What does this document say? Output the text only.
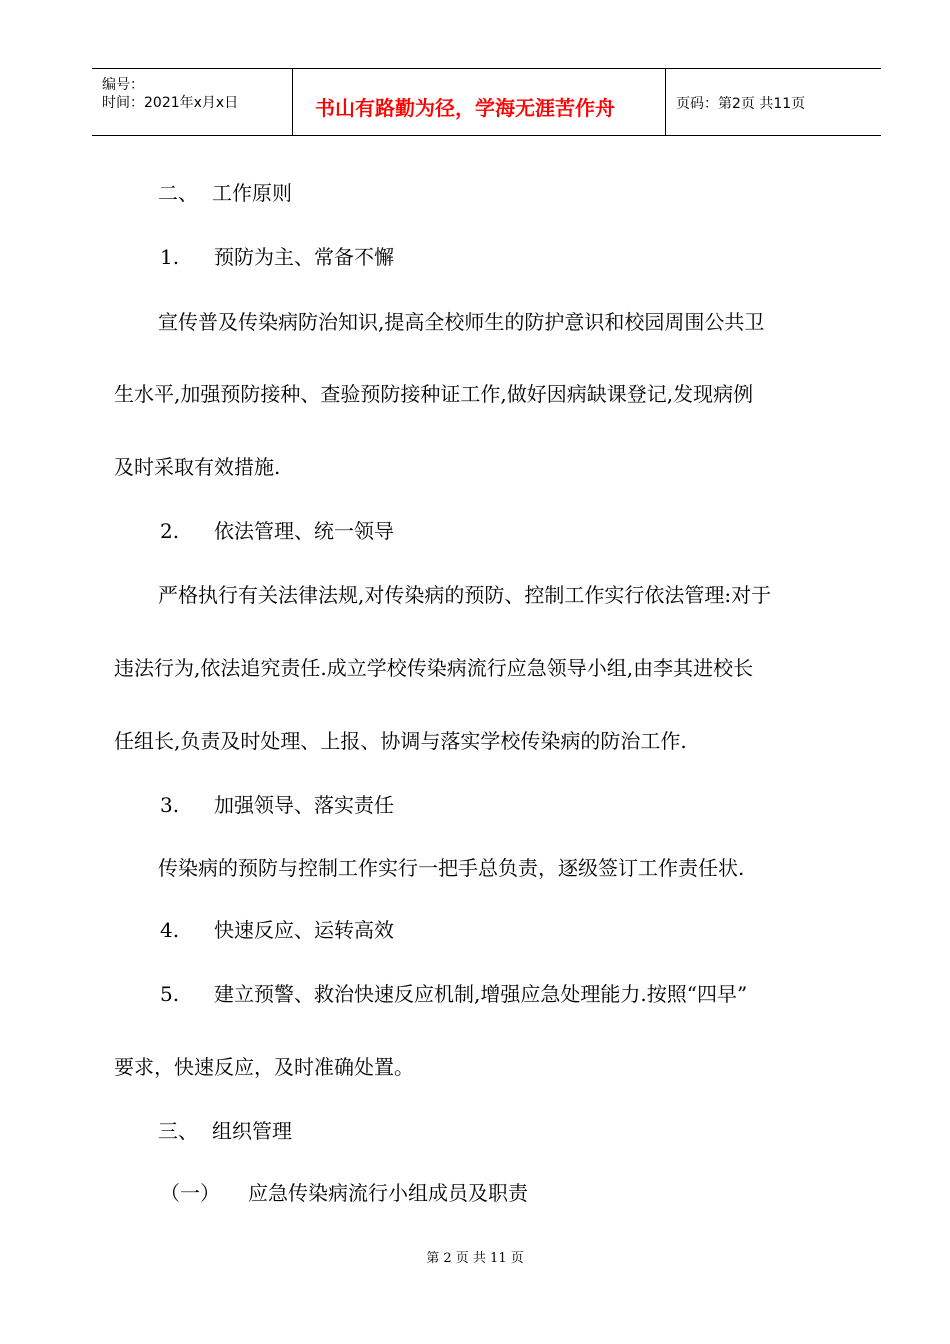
编号：
时间：2021年x月x日	书山有路勤为径，学海无涯苦作舟	页码：第2页 共11页
二、 工作原则
1. 预防为主、常备不懈
宣传普及传染病防治知识,提高全校师生的防护意识和校园周围公共卫
生水平,加强预防接种、查验预防接种证工作,做好因病缺课登记,发现病例
及时采取有效措施.
2. 依法管理、统一领导
严格执行有关法律法规,对传染病的预防、控制工作实行依法管理:对于
违法行为,依法追究责任.成立学校传染病流行应急领导小组,由李其进校长
任组长,负责及时处理、上报、协调与落实学校传染病的防治工作.
3. 加强领导、落实责任
传染病的预防与控制工作实行一把手总负责，逐级签订工作责任状.
4. 快速反应、运转高效
5. 建立预警、救治快速反应机制,增强应急处理能力.按照“四早”
要求，快速反应，及时准确处置。
三、 组织管理
（一） 应急传染病流行小组成员及职责
第 2 页 共 11 页
